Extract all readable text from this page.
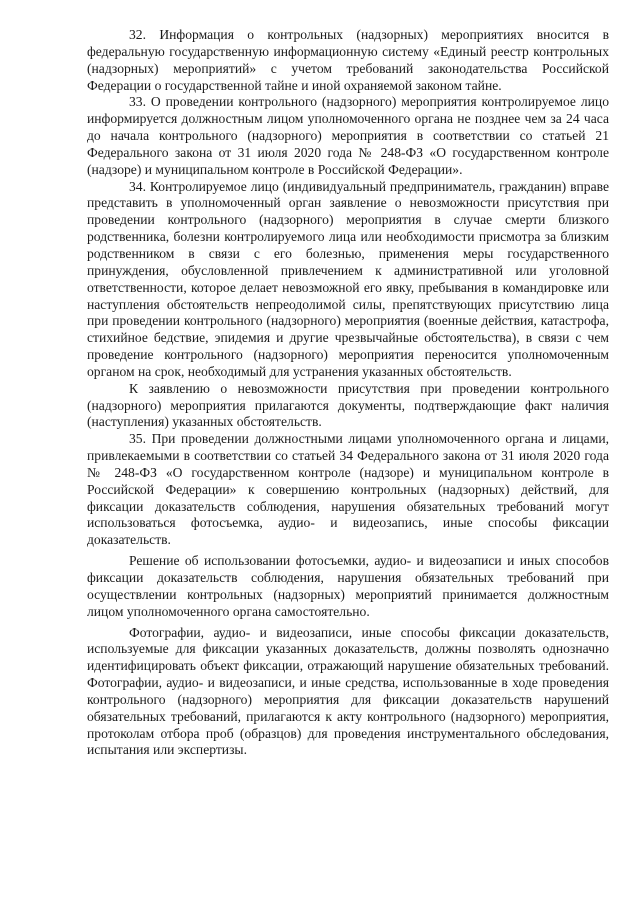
32. Информация о контрольных (надзорных) мероприятиях вносится в федеральную государственную информационную систему «Единый реестр контрольных (надзорных) мероприятий» с учетом требований законодательства Российской Федерации о государственной тайне и иной охраняемой законом тайне.

33. О проведении контрольного (надзорного) мероприятия контролируемое лицо информируется должностным лицом уполномоченного органа не позднее чем за 24 часа до начала контрольного (надзорного) мероприятия в соответствии со статьей 21 Федерального закона от 31 июля 2020 года № 248-ФЗ «О государственном контроле (надзоре) и муниципальном контроле в Российской Федерации».

34. Контролируемое лицо (индивидуальный предприниматель, гражданин) вправе представить в уполномоченный орган заявление о невозможности присутствия при проведении контрольного (надзорного) мероприятия в случае смерти близкого родственника, болезни контролируемого лица или необходимости присмотра за близким родственником в связи с его болезнью, применения меры государственного принуждения, обусловленной привлечением к административной или уголовной ответственности, которое делает невозможной его явку, пребывания в командировке или наступления обстоятельств непреодолимой силы, препятствующих присутствию лица при проведении контрольного (надзорного) мероприятия (военные действия, катастрофа, стихийное бедствие, эпидемия и другие чрезвычайные обстоятельства), в связи с чем проведение контрольного (надзорного) мероприятия переносится уполномоченным органом на срок, необходимый для устранения указанных обстоятельств.

К заявлению о невозможности присутствия при проведении контрольного (надзорного) мероприятия прилагаются документы, подтверждающие факт наличия (наступления) указанных обстоятельств.

35. При проведении должностными лицами уполномоченного органа и лицами, привлекаемыми в соответствии со статьей 34 Федерального закона от 31 июля 2020 года № 248-ФЗ «О государственном контроле (надзоре) и муниципальном контроле в Российской Федерации» к совершению контрольных (надзорных) действий, для фиксации доказательств соблюдения, нарушения обязательных требований могут использоваться фотосъемка, аудио- и видеозапись, иные способы фиксации доказательств.

Решение об использовании фотосъемки, аудио- и видеозаписи и иных способов фиксации доказательств соблюдения, нарушения обязательных требований при осуществлении контрольных (надзорных) мероприятий принимается должностным лицом уполномоченного органа самостоятельно.

Фотографии, аудио- и видеозаписи, иные способы фиксации доказательств, используемые для фиксации указанных доказательств, должны позволять однозначно идентифицировать объект фиксации, отражающий нарушение обязательных требований. Фотографии, аудио- и видеозаписи, и иные средства, использованные в ходе проведения контрольного (надзорного) мероприятия для фиксации доказательств нарушений обязательных требований, прилагаются к акту контрольного (надзорного) мероприятия, протоколам отбора проб (образцов) для проведения инструментального обследования, испытания или экспертизы.
